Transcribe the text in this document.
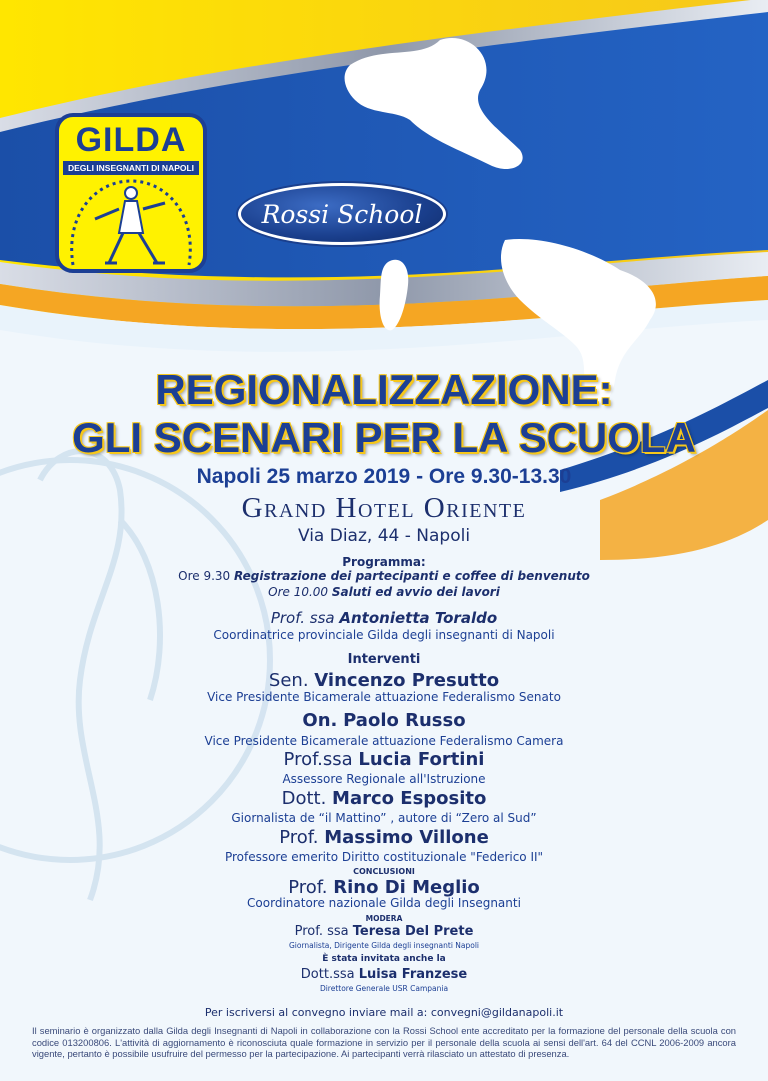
GILDA
DEGLI INSEGNANTI DI NAPOLI
Rossi School
REGIONALIZZAZIONE:
GLI SCENARI PER LA SCUOLA
Napoli 25 marzo 2019 - Ore 9.30-13.30
Grand Hotel Oriente
Via Diaz, 44 - Napoli
Programma:
Ore 9.30 Registrazione dei partecipanti e coffee di benvenuto
Ore 10.00 Saluti ed avvio dei lavori
Prof. ssa Antonietta Toraldo
Coordinatrice provinciale Gilda degli insegnanti di Napoli
Interventi
Sen. Vincenzo Presutto
Vice Presidente Bicamerale attuazione Federalismo Senato
On. Paolo Russo
Vice Presidente Bicamerale attuazione Federalismo Camera
Prof.ssa Lucia Fortini
Assessore Regionale all'Istruzione
Dott. Marco Esposito
Giornalista de “il Mattino” , autore di “Zero al Sud”
Prof. Massimo Villone
Professore emerito Diritto costituzionale "Federico II"
CONCLUSIONI
Prof. Rino Di Meglio
Coordinatore nazionale Gilda degli Insegnanti
MODERA
Prof. ssa Teresa Del Prete
Giornalista, Dirigente Gilda degli insegnanti Napoli
È stata invitata anche la
Dott.ssa Luisa Franzese
Direttore Generale USR Campania
Per iscriversi al convegno inviare mail a: convegni@gildanapoli.it
Il seminario è organizzato dalla Gilda degli Insegnanti di Napoli in collaborazione con la Rossi School ente accreditato per la formazione del personale della scuola con codice 013200806. L'attività di aggiornamento è riconosciuta quale formazione in servizio per il personale della scuola ai sensi dell'art. 64 del CCNL 2006-2009 ancora vigente, pertanto è possibile usufruire del permesso per la partecipazione. Ai partecipanti verrà rilasciato un attestato di presenza.
